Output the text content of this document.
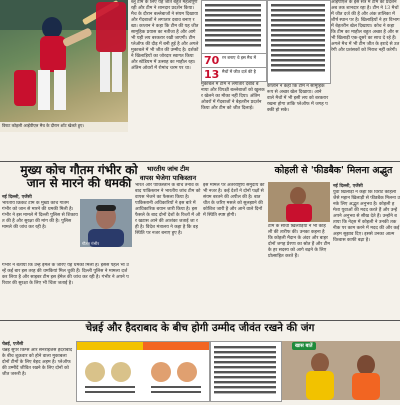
विराट कोहली आईपीएल मैच के दौरान शॉट खेलते हुए।
ब्लू टीम के लिए यह जीत बहुत महत्वपूर्ण रही और टीम ने शानदार प्रदर्शन किया। मैच के दौरान बल्लेबाजों ने संयम दिखाया और गेंदबाजों ने लगातार दबाव बनाए रखा। कप्तान ने कहा कि टीम की यह जीत सामूहिक प्रयास का नतीजा है और आगे भी यही लय बरकरार रखी जाएगी। टीम प्लेऑफ की दौड़ में बनी हुई है और अगले मुकाबले में भी जीत की उम्मीद है। दर्शकों ने खिलाड़ियों का जोरदार स्वागत किया और स्टेडियम में उत्साह का माहौल रहा। अंतिम ओवरों में रोमांच चरम पर था।
70 रन बनाए थे इस मैच में
13 मैचों में जीत दर्ज की है
मुकाबले में टीम ने लगातार दबाव बनाया और विपक्षी बल्लेबाजों को खुलकर खेलने का मौका नहीं दिया। अंतिम ओवरों में गेंदबाजों ने बेहतरीन प्रदर्शन किया और टीम को जीत दिलाई।
कप्तान ने कहा कि टीम ने सामूहिक रूप से अच्छा खेल दिखाया। आने वाले मैचों में भी इसी लय को बरकरार रखना होगा ताकि प्लेऑफ में जगह पक्की हो सके।
आईपीएल के इस सत्र में टीम का प्रदर्शन अब तक शानदार रहा है। टीम ने 13 मैचों में जीत दर्ज की है और अंक तालिका में शीर्ष स्थान पर है। खिलाड़ियों ने हर विभाग में बेहतरीन खेल दिखाया। कोच ने कहा कि टीम का माहौल बहुत अच्छा है और सभी खिलाड़ी एक-दूसरे का साथ दे रहे हैं। अगले मैच में भी टीम जीत के इरादे से उतरेगी और प्रशंसकों को निराश नहीं करेगी।
मुख्य कोच गौतम गंभीर को
जान से मारने की धमकी
नई दिल्ली, एजेंसी
भारतीय क्रिकेट टीम के मुख्य कोच गौतम गंभीर को जान से मारने की धमकी मिली है। गंभीर ने इस मामले में दिल्ली पुलिस से शिकायत की है और सुरक्षा की मांग की है। पुलिस मामले की जांच कर रही है।
गौतम गंभीर
गंभीर ने बताया कि उन्हें ईमेल के जरिए यह धमकी मिली है। इससे पहले भी उन्हें कई बार इस तरह की धमकियां मिल चुकी हैं। दिल्ली पुलिस ने मामला दर्ज कर लिया है और साइबर टीम इस ईमेल की जांच कर रही है। गंभीर ने अपने परिवार की सुरक्षा के लिए भी चिंता जताई है।
भारतीय जांच टीम
वापस भेजेगा पाकिस्तान
भारत और पाकिस्तान के बीच तनाव के बाद पाकिस्तान ने भारतीय जांच टीम को वापस भेजने का फैसला किया है। पाकिस्तानी अधिकारियों ने इस बारे में आधिकारिक बयान जारी किया है। इस फैसले के बाद दोनों देशों के रिश्तों में और खटास आने की आशंका जताई जा रही है। विदेश मंत्रालय ने कहा है कि वह स्थिति पर नजर बनाए हुए है।
इस मामले पर अंतरराष्ट्रीय समुदाय की भी नजर है। कई देशों ने दोनों पक्षों से संयम बरतने की अपील की है। बातचीत के जरिए मसले को सुलझाने की कोशिश जारी है और आने वाले दिनों में स्थिति स्पष्ट होगी।
कोहली से 'फीडबैक' मिलना अद्भुत
नई दिल्ली, एजेंसी
युवा खिलाड़ी ने कहा कि विराट कोहली जैसे महान खिलाड़ी से फीडबैक मिलना उनके लिए अद्भुत अनुभव है। कोहली हमेशा युवाओं की मदद करते हैं और उन्हें अपने अनुभव से सीख देते हैं। उन्होंने बताया कि नेट्स में कोहली ने उनकी तकनीक पर काम करने में मदद की और कई अहम सुझाव दिए। इससे उनका आत्मविश्वास काफी बढ़ा है।
टीम के साथी खिलाड़ियों ने भी कोहली की तारीफ की। उनका कहना है कि कोहली मैदान के अंदर और बाहर दोनों जगह प्रेरणा का स्रोत हैं और टीम के हर सदस्य को आगे बढ़ने के लिए प्रोत्साहित करते हैं।
चेन्नई और हैदराबाद के बीच होगी उम्मीद जीवंत रखने की जंग
चेन्नई, एजेंसी
चेन्नई सुपर किंग्स और सनराइजर्स हैदराबाद के बीच शुक्रवार को होने वाला मुकाबला दोनों टीमों के लिए बेहद अहम है। प्लेऑफ की उम्मीदें जीवित रखने के लिए दोनों को जीत जरूरी है।
खास बातें
